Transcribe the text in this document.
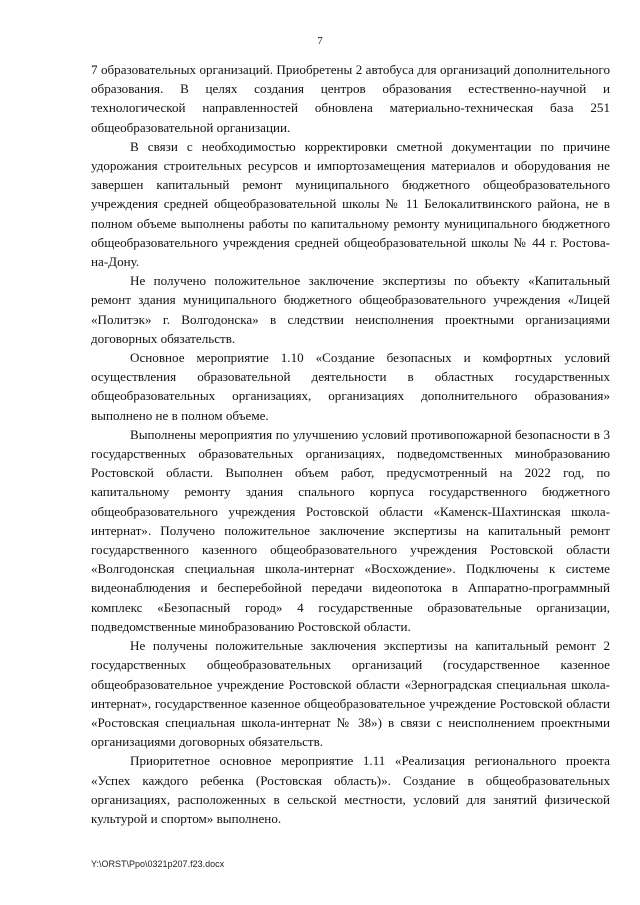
7

7 образовательных организаций. Приобретены 2 автобуса для организаций дополнительного образования. В целях создания центров образования естественно-научной и технологической направленностей обновлена материально-техническая база 251 общеобразовательной организации.

В связи с необходимостью корректировки сметной документации по причине удорожания строительных ресурсов и импортозамещения материалов и оборудования не завершен капитальный ремонт муниципального бюджетного общеобразовательного учреждения средней общеобразовательной школы № 11 Белокалитвинского района, не в полном объеме выполнены работы по капитальному ремонту муниципального бюджетного общеобразовательного учреждения средней общеобразовательной школы № 44 г. Ростова-на-Дону.

Не получено положительное заключение экспертизы по объекту «Капитальный ремонт здания муниципального бюджетного общеобразовательного учреждения «Лицей «Политэк» г. Волгодонска» в следствии неисполнения проектными организациями договорных обязательств.

Основное мероприятие 1.10 «Создание безопасных и комфортных условий осуществления образовательной деятельности в областных государственных общеобразовательных организациях, организациях дополнительного образования» выполнено не в полном объеме.

Выполнены мероприятия по улучшению условий противопожарной безопасности в 3 государственных образовательных организациях, подведомственных минобразованию Ростовской области. Выполнен объем работ, предусмотренный на 2022 год, по капитальному ремонту здания спального корпуса государственного бюджетного общеобразовательного учреждения Ростовской области «Каменск-Шахтинская школа-интернат». Получено положительное заключение экспертизы на капитальный ремонт государственного казенного общеобразовательного учреждения Ростовской области «Волгодонская специальная школа-интернат «Восхождение». Подключены к системе видеонаблюдения и бесперебойной передачи видеопотока в Аппаратно-программный комплекс «Безопасный город» 4 государственные образовательные организации, подведомственные минобразованию Ростовской области.

Не получены положительные заключения экспертизы на капитальный ремонт 2 государственных общеобразовательных организаций (государственное казенное общеобразовательное учреждение Ростовской области «Зерноградская специальная школа-интернат», государственное казенное общеобразовательное учреждение Ростовской области «Ростовская специальная школа-интернат № 38») в связи с неисполнением проектными организациями договорных обязательств.

Приоритетное основное мероприятие 1.11 «Реализация регионального проекта «Успех каждого ребенка (Ростовская область)». Создание в общеобразовательных организациях, расположенных в сельской местности, условий для занятий физической культурой и спортом» выполнено.

Y:\ORST\Ppo\0321p207.f23.docx
